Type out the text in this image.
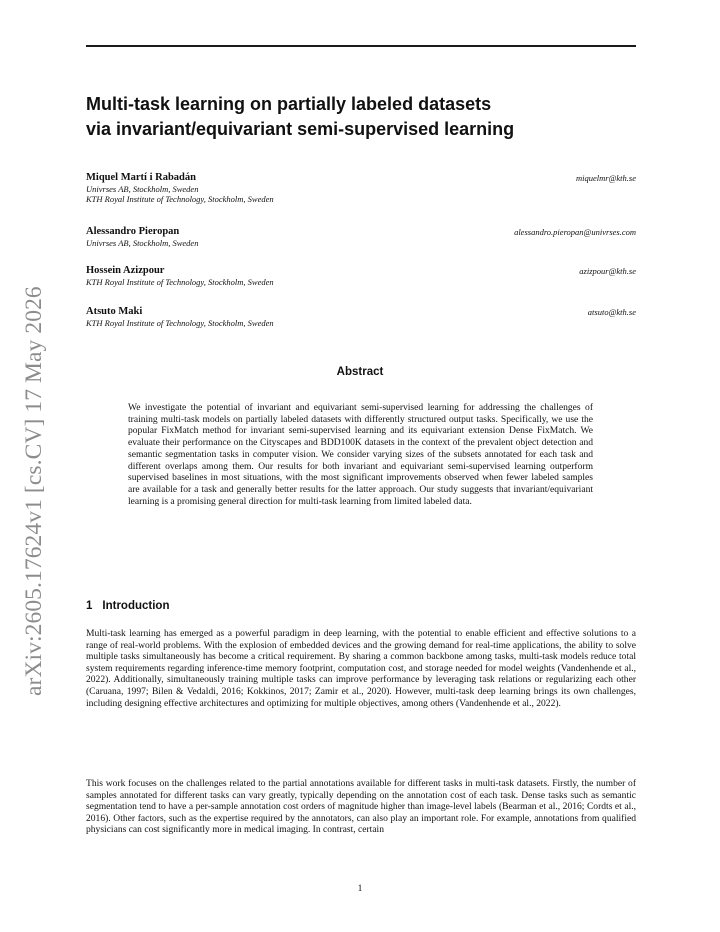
arXiv:2605.17624v1 [cs.CV] 17 May 2026
Multi-task learning on partially labeled datasets
via invariant/equivariant semi-supervised learning
Miquel Martí i Rabadán
Univrses AB, Stockholm, Sweden
KTH Royal Institute of Technology, Stockholm, Sweden
miquelmr@kth.se
Alessandro Pieropan
Univrses AB, Stockholm, Sweden
alessandro.pieropan@univrses.com
Hossein Azizpour
KTH Royal Institute of Technology, Stockholm, Sweden
azizpour@kth.se
Atsuto Maki
KTH Royal Institute of Technology, Stockholm, Sweden
atsuto@kth.se
Abstract

We investigate the potential of invariant and equivariant semi-supervised learning for addressing the challenges of training multi-task models on partially labeled datasets with differently structured output tasks. Specifically, we use the popular FixMatch method for invariant semi-supervised learning and its equivariant extension Dense FixMatch. We evaluate their performance on the Cityscapes and BDD100K datasets in the context of the prevalent object detection and semantic segmentation tasks in computer vision. We consider varying sizes of the subsets annotated for each task and different overlaps among them. Our results for both invariant and equivariant semi-supervised learning outperform supervised baselines in most situations, with the most significant improvements observed when fewer labeled samples are available for a task and generally better results for the latter approach. Our study suggests that invariant/equivariant learning is a promising general direction for multi-task learning from limited labeled data.

1 Introduction

Multi-task learning has emerged as a powerful paradigm in deep learning, with the potential to enable efficient and effective solutions to a range of real-world problems. With the explosion of embedded devices and the growing demand for real-time applications, the ability to solve multiple tasks simultaneously has become a critical requirement. By sharing a common backbone among tasks, multi-task models reduce total system requirements regarding inference-time memory footprint, computation cost, and storage needed for model weights (Vandenhende et al., 2022). Additionally, simultaneously training multiple tasks can improve performance by leveraging task relations or regularizing each other (Caruana, 1997; Bilen & Vedaldi, 2016; Kokkinos, 2017; Zamir et al., 2020). However, multi-task deep learning brings its own challenges, including designing effective architectures and optimizing for multiple objectives, among others (Vandenhende et al., 2022).

This work focuses on the challenges related to the partial annotations available for different tasks in multi-task datasets. Firstly, the number of samples annotated for different tasks can vary greatly, typically depending on the annotation cost of each task. Dense tasks such as semantic segmentation tend to have a per-sample annotation cost orders of magnitude higher than image-level labels (Bearman et al., 2016; Cordts et al., 2016). Other factors, such as the expertise required by the annotators, can also play an important role. For example, annotations from qualified physicians can cost significantly more in medical imaging. In contrast, certain

1
